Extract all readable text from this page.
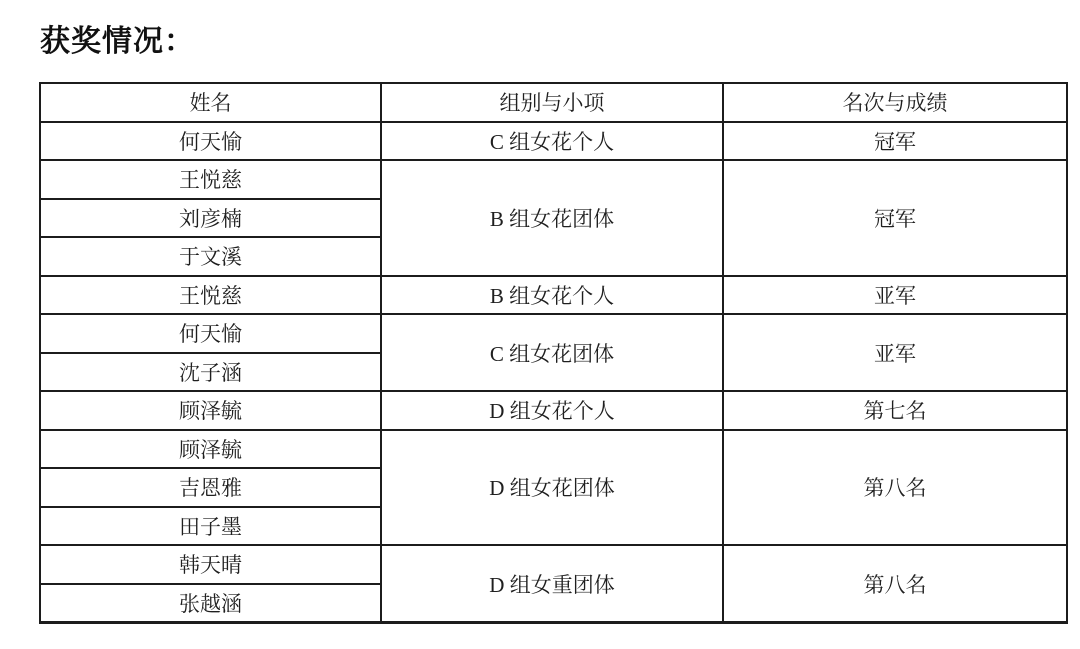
获奖情况：
姓名	组别与小项	名次与成绩
何天愉	C 组女花个人	冠军
王悦慈	B 组女花团体	冠军
刘彦楠		
于文溪		
王悦慈	B 组女花个人	亚军
何天愉	C 组女花团体	亚军
沈子涵		
顾泽毓	D 组女花个人	第七名
顾泽毓	D 组女花团体	第八名
吉恩雅		
田子墨		
韩天晴	D 组女重团体	第八名
张越涵		
